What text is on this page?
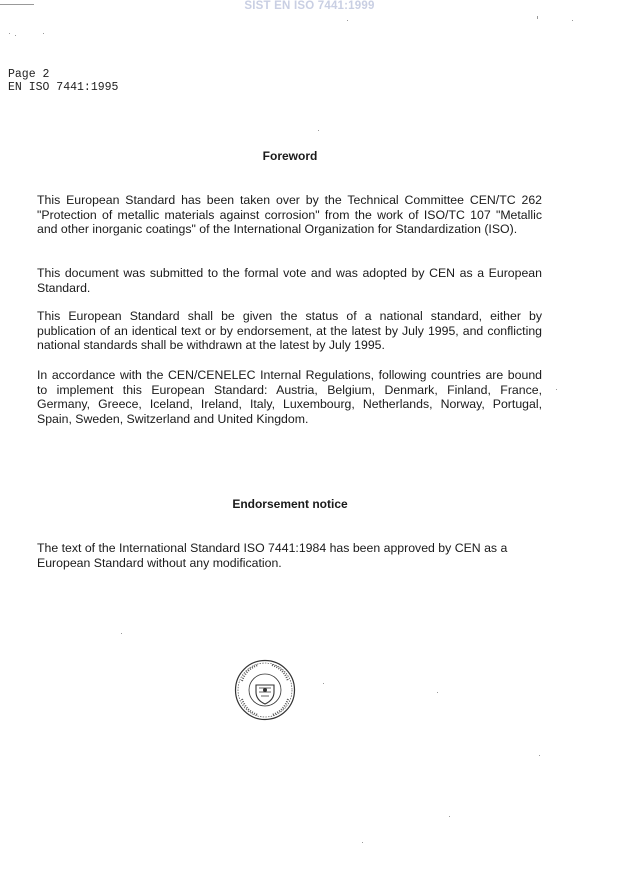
SIST EN ISO 7441:1999
Page 2
EN ISO 7441:1995
Foreword
This European Standard has been taken over by the Technical Committee CEN/TC 262 "Protection of metallic materials against corrosion" from the work of ISO/TC 107 "Metallic and other inorganic coatings" of the International Organization for Standardization (ISO).
This document was submitted to the formal vote and was adopted by CEN as a European Standard.
This European Standard shall be given the status of a national standard, either by publication of an identical text or by endorsement, at the latest by July 1995, and conflicting national standards shall be withdrawn at the latest by July 1995.
In accordance with the CEN/CENELEC Internal Regulations, following countries are bound to implement this European Standard: Austria, Belgium, Denmark, Finland, France, Germany, Greece, Iceland, Ireland, Italy, Luxembourg, Netherlands, Norway, Portugal, Spain, Sweden, Switzerland and United Kingdom.
Endorsement notice
The text of the International Standard ISO 7441:1984 has been approved by CEN as a European Standard without any modification.
